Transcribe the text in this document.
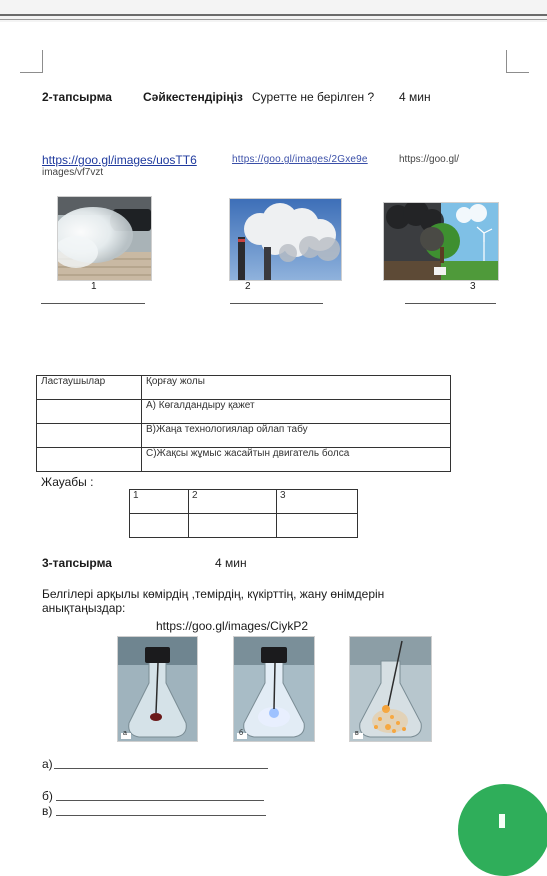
2-тапсырма	Сәйкестендіріңіз Суретте не берілген ? 4 мин
https://goo.gl/images/uosTT6	https://goo.gl/images/2Gxe9e	https://goo.gl/
images/vf7vzt
1	2	3
Ластаушылар	Қорғау жолы
	А) Көгалдандыру қажет
	В)Жаңа технологиялар ойлап табу
	С)Жақсы жұмыс жасайтын двигатель болса
Жауабы :
1	2	3

3-тапсырма	4 мин
Белгілері арқылы көмірдің ,темірдің, күкірттің, жану өнімдерін
анықтаңыздар:
https://goo.gl/images/CiykP2
а	б	в
а)
б)
в)
